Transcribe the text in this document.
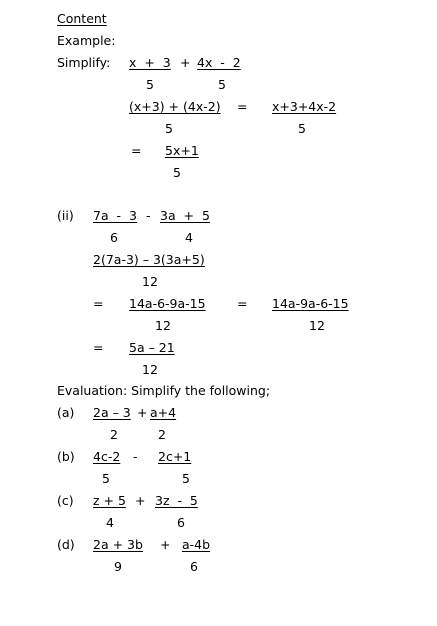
Content
Example:
Simplify: x  +  3 + 4x  -  2
5	5
(x+3) + (4x-2) = x+3+4x-2
5	5
= 5x+1
5
(ii) 7a  -  3 - 3a  +  5
6	4
2(7a-3) – 3(3a+5)
12
= 14a-6-9a-15	= 14a-9a-6-15
12	12
= 5a – 21
12
Evaluation: Simplify the following;
(a) 2a – 3 + a+4
2	2
(b) 4c-2 - 2c+1
5	5
(c) z + 5 + 3z  -  5
4	6
(d) 2a + 3b + a-4b
9	6
